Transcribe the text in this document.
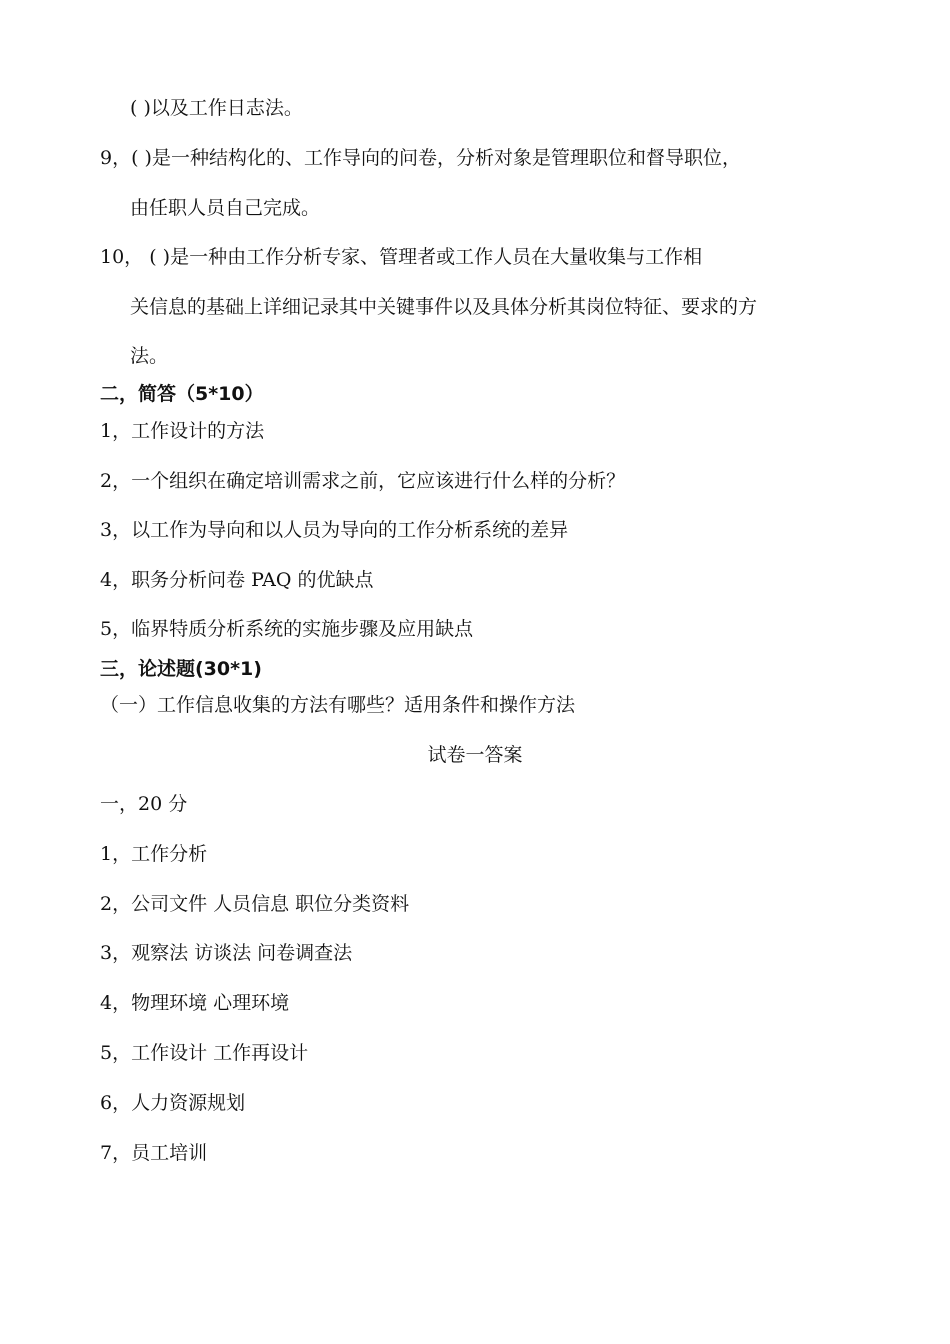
( )以及工作日志法。
9，( )是一种结构化的、工作导向的问卷，分析对象是管理职位和督导职位，
由任职人员自己完成。
10， ( )是一种由工作分析专家、管理者或工作人员在大量收集与工作相
关信息的基础上详细记录其中关键事件以及具体分析其岗位特征、要求的方
法。
二，简答（5*10）
1，工作设计的方法
2，一个组织在确定培训需求之前，它应该进行什么样的分析？
3，以工作为导向和以人员为导向的工作分析系统的差异
4，职务分析问卷 PAQ 的优缺点
5，临界特质分析系统的实施步骤及应用缺点
三，论述题(30*1)
（一）工作信息收集的方法有哪些？适用条件和操作方法
试卷一答案
一，20 分
1，工作分析
2，公司文件 人员信息 职位分类资料
3，观察法 访谈法 问卷调查法
4，物理环境 心理环境
5，工作设计 工作再设计
6，人力资源规划
7，员工培训
